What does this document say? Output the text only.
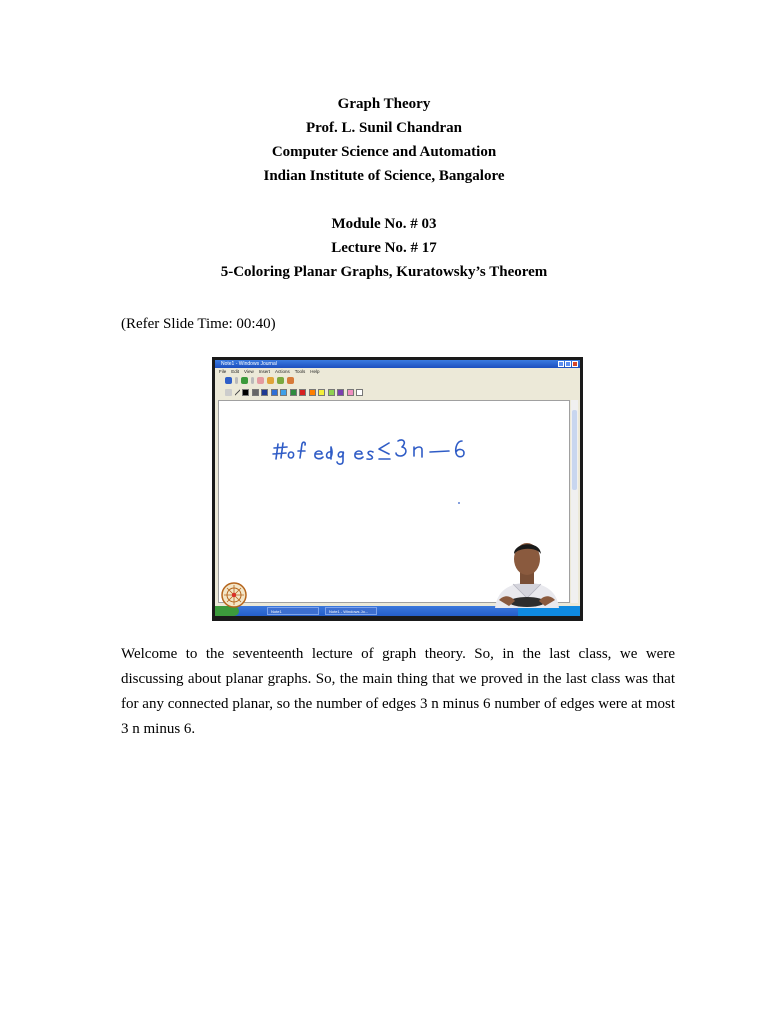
Graph Theory
Prof. L. Sunil Chandran
Computer Science and Automation
Indian Institute of Science, Bangalore
Module No. # 03
Lecture No. # 17
5-Coloring Planar Graphs, Kuratowsky’s Theorem
(Refer Slide Time: 00:40)
Note1 - Windows Journal
File Edit View Insert Actions Tools Help
Note1	Note1 - Windows Jo...
Welcome to the seventeenth lecture of graph theory. So, in the last class, we were discussing about planar graphs. So, the main thing that we proved in the last class was that for any connected planar, so the number of edges 3 n minus 6 number of edges were at most 3 n minus 6.
